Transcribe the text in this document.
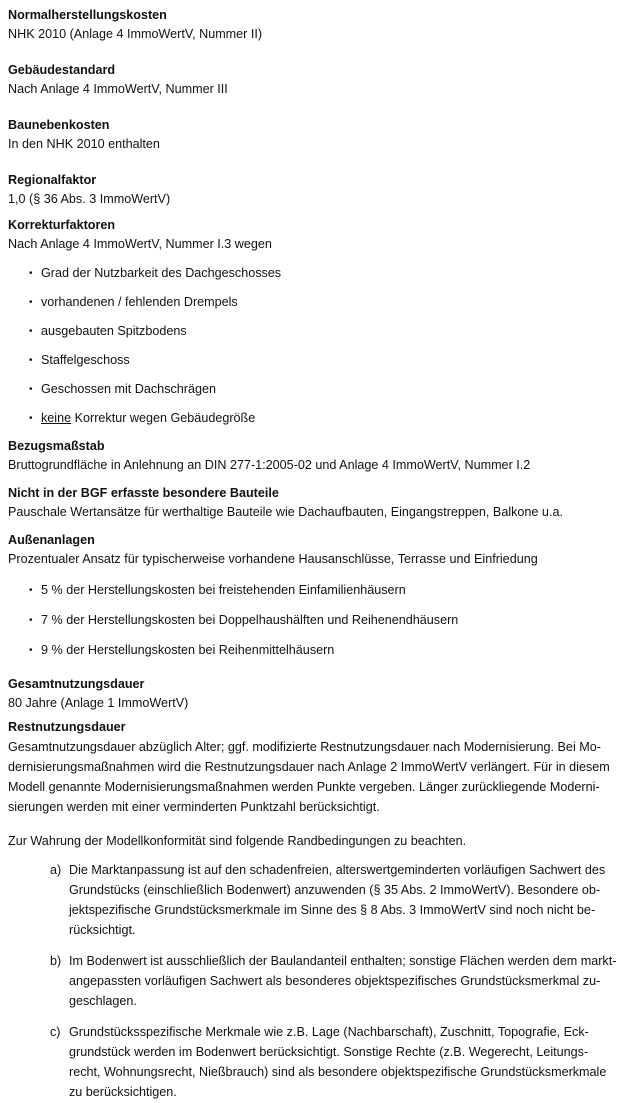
Normalherstellungskosten

NHK 2010 (Anlage 4 ImmoWertV, Nummer II)

Gebäudestandard

Nach Anlage 4 ImmoWertV, Nummer III

Baunebenkosten

In den NHK 2010 enthalten

Regionalfaktor

1,0 (§ 36 Abs. 3 ImmoWertV)

Korrekturfaktoren

Nach Anlage 4 ImmoWertV, Nummer I.3 wegen

• Grad der Nutzbarkeit des Dachgeschosses
• vorhandenen / fehlenden Drempels
• ausgebauten Spitzbodens
• Staffelgeschoss
• Geschossen mit Dachschrägen
• keine Korrektur wegen Gebäudegröße

Bezugsmaßstab

Bruttogrundfläche in Anlehnung an DIN 277-1:2005-02 und Anlage 4 ImmoWertV, Nummer I.2

Nicht in der BGF erfasste besondere Bauteile

Pauschale Wertansätze für werthaltige Bauteile wie Dachaufbauten, Eingangstreppen, Balkone u.a.

Außenanlagen

Prozentualer Ansatz für typischerweise vorhandene Hausanschlüsse, Terrasse und Einfriedung

• 5 % der Herstellungskosten bei freistehenden Einfamilienhäusern
• 7 % der Herstellungskosten bei Doppelhaushälften und Reihenendhäusern
• 9 % der Herstellungskosten bei Reihenmittelhäusern

Gesamtnutzungsdauer

80 Jahre (Anlage 1 ImmoWertV)

Restnutzungsdauer

Gesamtnutzungsdauer abzüglich Alter; ggf. modifizierte Restnutzungsdauer nach Modernisierung. Bei Mo-

dernisierungsmaßnahmen wird die Restnutzungsdauer nach Anlage 2 ImmoWertV verlängert. Für in diesem

Modell genannte Modernisierungsmaßnahmen werden Punkte vergeben. Länger zurückliegende Moderni-

sierungen werden mit einer verminderten Punktzahl berücksichtigt.

Zur Wahrung der Modellkonformität sind folgende Randbedingungen zu beachten.

a) Die Marktanpassung ist auf den schadenfreien, alterswertgeminderten vorläufigen Sachwert des
Grundstücks (einschließlich Bodenwert) anzuwenden (§ 35 Abs. 2 ImmoWertV). Besondere ob-
jektspezifische Grundstücksmerkmale im Sinne des § 8 Abs. 3 ImmoWertV sind noch nicht be-
rücksichtigt.
b) Im Bodenwert ist ausschließlich der Baulandanteil enthalten; sonstige Flächen werden dem markt-
angepassten vorläufigen Sachwert als besonderes objektspezifisches Grundstücksmerkmal zu-
geschlagen.
c) Grundstücksspezifische Merkmale wie z.B. Lage (Nachbarschaft), Zuschnitt, Topografie, Eck-
grundstück werden im Bodenwert berücksichtigt. Sonstige Rechte (z.B. Wegerecht, Leitungs-
recht, Wohnungsrecht, Nießbrauch) sind als besondere objektspezifische Grundstücksmerkmale
zu berücksichtigen.
